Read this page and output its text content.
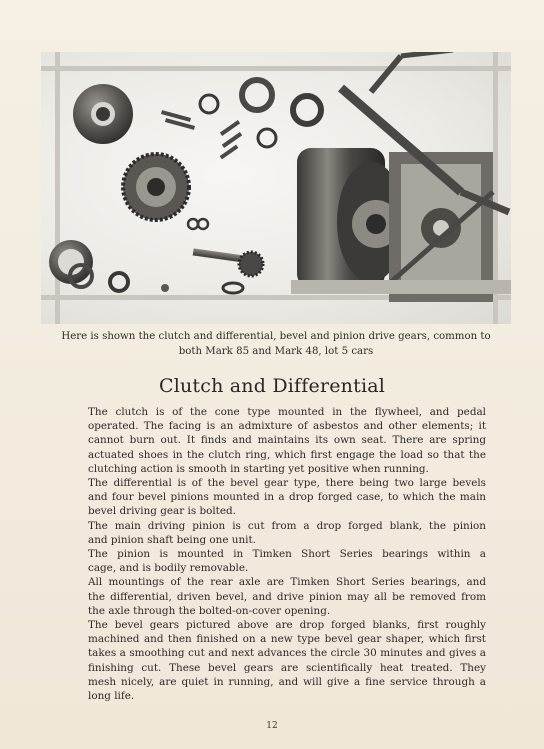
Here is shown the clutch and differential, bevel and pinion drive gears, common to
both Mark 85 and Mark 48, lot 5 cars
Clutch and Differential

The clutch is of the cone type mounted in the flywheel, and pedal
operated. The facing is an admixture of asbestos and other elements; it
cannot burn out. It finds and maintains its own seat. There are spring
actuated shoes in the clutch ring, which first engage the load so that the
clutching action is smooth in starting yet positive when running.

The differential is of the bevel gear type, there being two large bevels
and four bevel pinions mounted in a drop forged case, to which the main
bevel driving gear is bolted.

The main driving pinion is cut from a drop forged blank, the pinion
and pinion shaft being one unit.

The pinion is mounted in Timken Short Series bearings within a
cage, and is bodily removable.

All mountings of the rear axle are Timken Short Series bearings, and
the differential, driven bevel, and drive pinion may all be removed from
the axle through the bolted-on-cover opening.

The bevel gears pictured above are drop forged blanks, first roughly
machined and then finished on a new type bevel gear shaper, which first
takes a smoothing cut and next advances the circle 30 minutes and gives a
finishing cut. These bevel gears are scientifically heat treated. They
mesh nicely, are quiet in running, and will give a fine service through a
long life.

12
